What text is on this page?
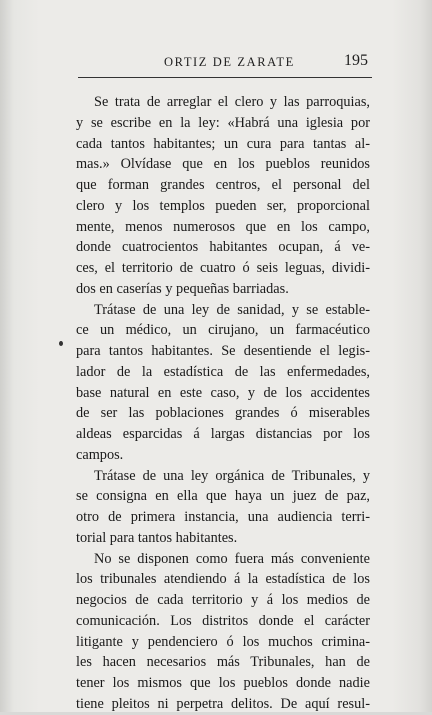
ORTIZ DE ZARATE	195
Se trata de arreglar el clero y las parroquias,
y se escribe en la ley: «Habrá una iglesia por
cada tantos habitantes; un cura para tantas al-
mas.» Olvídase que en los pueblos reunidos
que forman grandes centros, el personal del
clero y los templos pueden ser, proporcional
mente, menos numerosos que en los campo,
donde cuatrocientos habitantes ocupan, á ve-
ces, el territorio de cuatro ó seis leguas, dividi-
dos en caserías y pequeñas barriadas.
Trátase de una ley de sanidad, y se estable-
ce un médico, un cirujano, un farmacéutico
para tantos habitantes. Se desentiende el legis-
lador de la estadística de las enfermedades,
base natural en este caso, y de los accidentes
de ser las poblaciones grandes ó miserables
aldeas esparcidas á largas distancias por los
campos.
Trátase de una ley orgánica de Tribunales, y
se consigna en ella que haya un juez de paz,
otro de primera instancia, una audiencia terri-
torial para tantos habitantes.
No se disponen como fuera más conveniente
los tribunales atendiendo á la estadística de los
negocios de cada territorio y á los medios de
comunicación. Los distritos donde el carácter
litigante y pendenciero ó los muchos crimina-
les hacen necesarios más Tribunales, han de
tener los mismos que los pueblos donde nadie
tiene pleitos ni perpetra delitos. De aquí resul-
